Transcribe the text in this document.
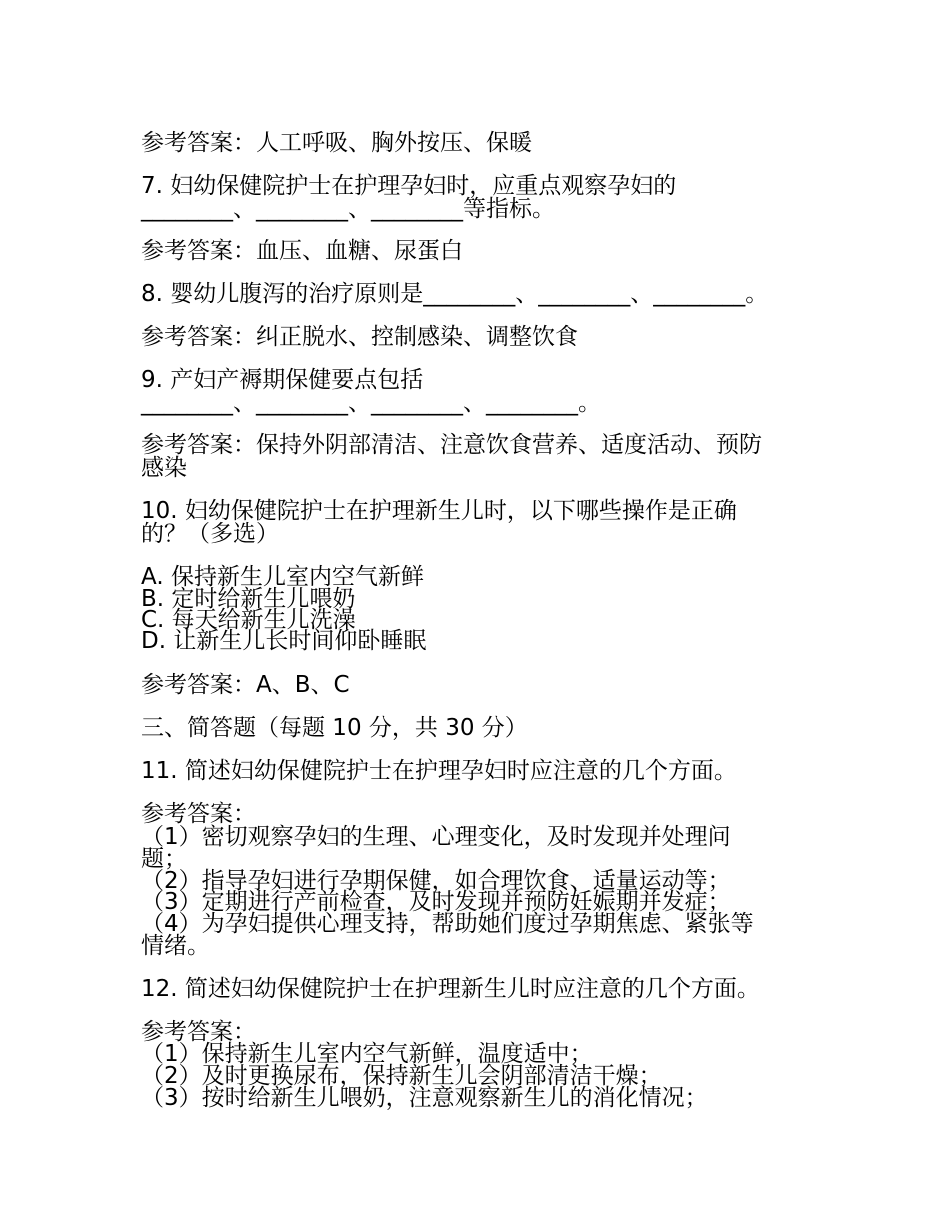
参考答案：人工呼吸、胸外按压、保暖

7. 妇幼保健院护士在护理孕妇时，应重点观察孕妇的

________、________、________等指标。

参考答案：血压、血糖、尿蛋白

8. 婴幼儿腹泻的治疗原则是________、________、________。

参考答案：纠正脱水、控制感染、调整饮食

9. 产妇产褥期保健要点包括

________、________、________、________。

参考答案：保持外阴部清洁、注意饮食营养、适度活动、预防

感染

10. 妇幼保健院护士在护理新生儿时，以下哪些操作是正确

的？（多选）

A. 保持新生儿室内空气新鲜

B. 定时给新生儿喂奶

C. 每天给新生儿洗澡

D. 让新生儿长时间仰卧睡眠

参考答案：A、B、C

三、简答题（每题 10 分，共 30 分）

11. 简述妇幼保健院护士在护理孕妇时应注意的几个方面。

参考答案：

（1）密切观察孕妇的生理、心理变化，及时发现并处理问

题；

（2）指导孕妇进行孕期保健，如合理饮食、适量运动等；

（3）定期进行产前检查，及时发现并预防妊娠期并发症；

（4）为孕妇提供心理支持，帮助她们度过孕期焦虑、紧张等

情绪。

12. 简述妇幼保健院护士在护理新生儿时应注意的几个方面。

参考答案：

（1）保持新生儿室内空气新鲜，温度适中；

（2）及时更换尿布，保持新生儿会阴部清洁干燥；

（3）按时给新生儿喂奶，注意观察新生儿的消化情况；
